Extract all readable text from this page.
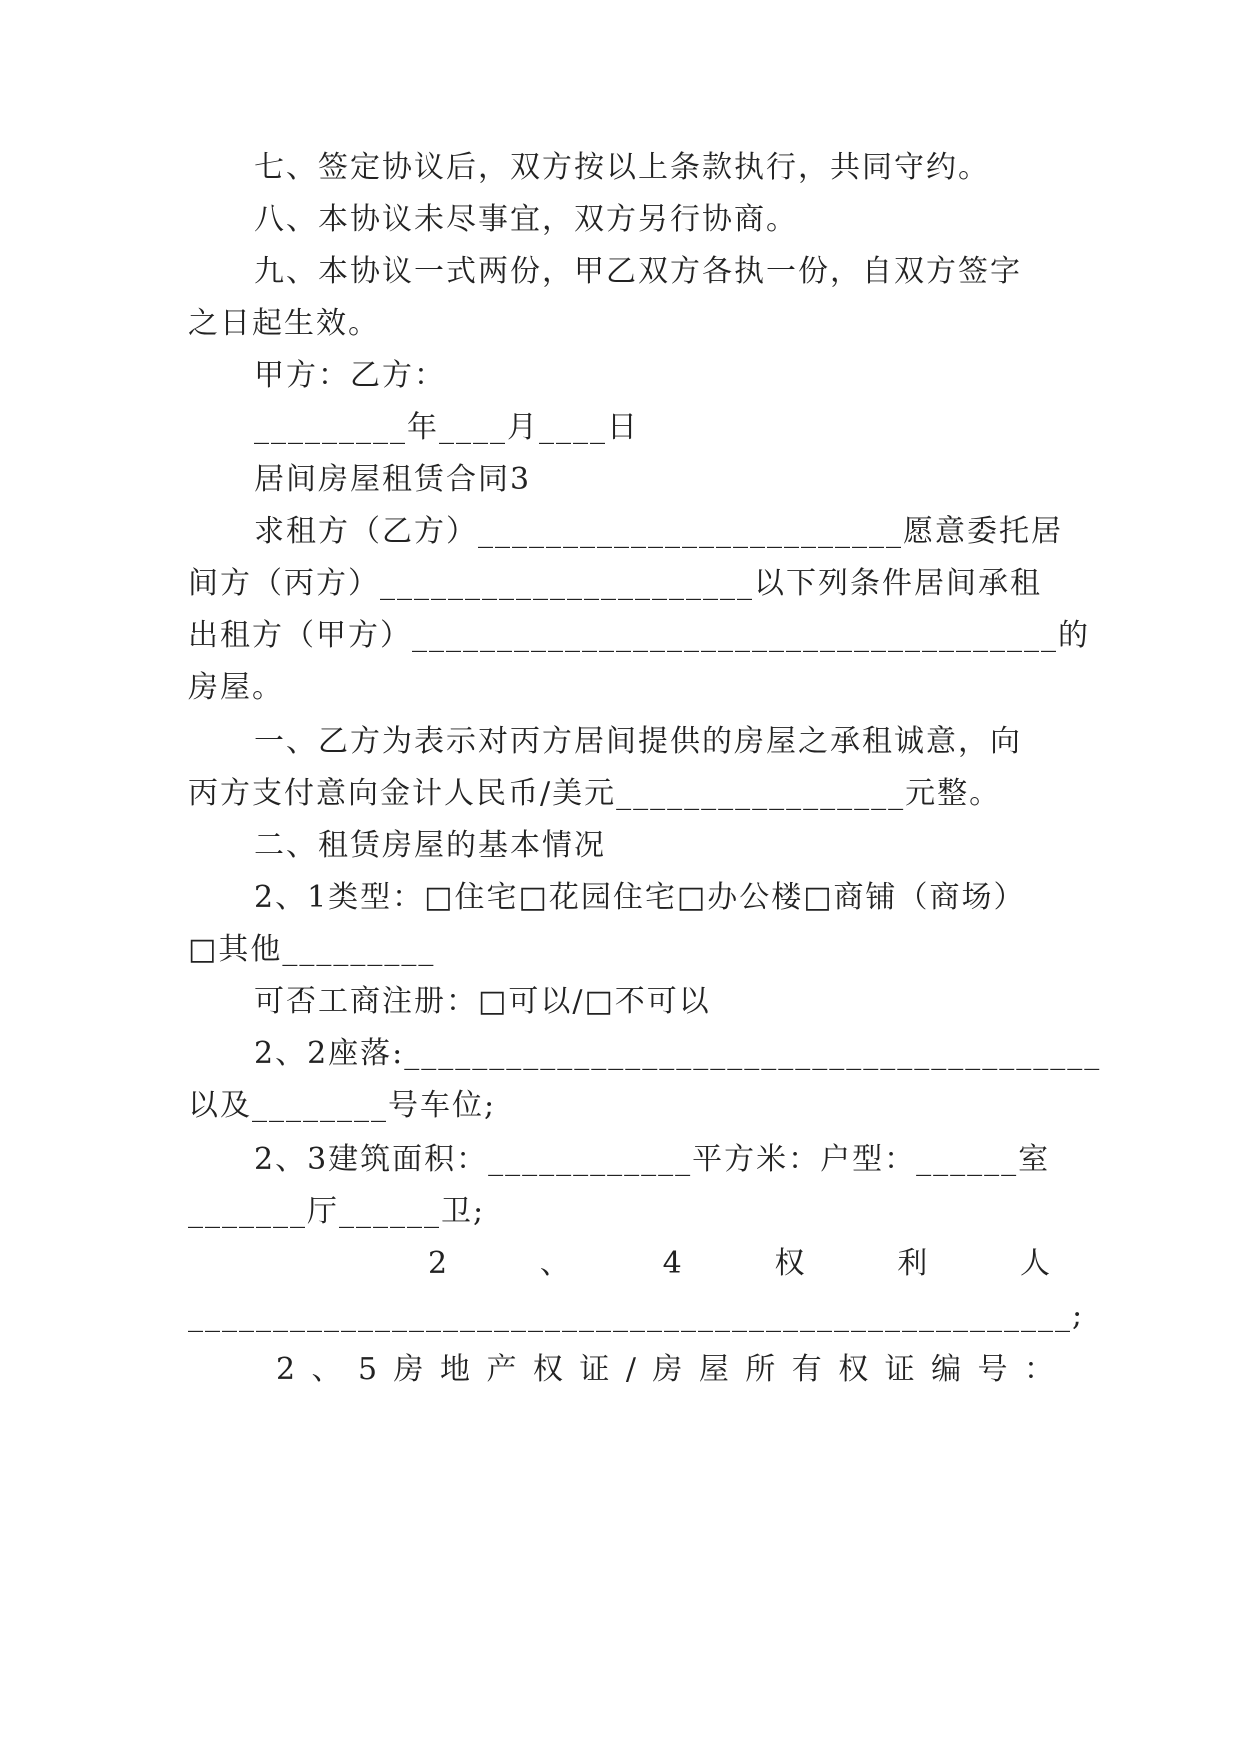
七、签定协议后，双方按以上条款执行，共同守约。
八、本协议未尽事宜，双方另行协商。
九、本协议一式两份，甲乙双方各执一份，自双方签字
之日起生效。
甲方：乙方：
_________年____月____日
居间房屋租赁合同3
求租方（乙方）_________________________愿意委托居
间方（丙方）______________________以下列条件居间承租
出租方（甲方）______________________________________的
房屋。
一、乙方为表示对丙方居间提供的房屋之承租诚意，向
丙方支付意向金计人民币/美元_________________元整。
二、租赁房屋的基本情况
2、1类型：□住宅□花园住宅□办公楼□商铺（商场）
□其他_________
可否工商注册：□可以/□不可以
2、2座落:_________________________________________
以及________号车位;
2、3建筑面积：____________平方米：户型：______室
_______厅______卫;
2	、	4	权	利	人
____________________________________________________;
2 、 5 房 地 产 权 证 / 房 屋 所 有 权 证 编 号 ：
